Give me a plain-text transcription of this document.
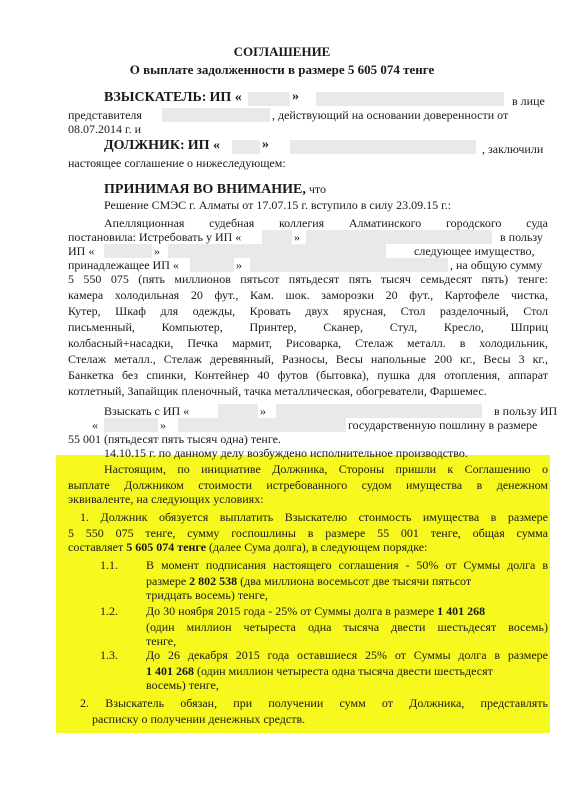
СОГЛАШЕНИЕ
О выплате задолженности в размере 5 605 074 тенге
ВЗЫСКАТЕЛЬ: ИП «	»	в лице
представителя	, действующий на основании доверенности от
08.07.2014 г. и
ДОЛЖНИК: ИП «	»	, заключили
настоящее соглашение о нижеследующем:
ПРИНИМАЯ ВО ВНИМАНИЕ, что
Решение СМЭС г. Алматы от 17.07.15 г. вступило в силу 23.09.15 г.:
Апелляционная судебная коллегия Алматинского городского суда
постановила: Истребовать у ИП «	»	в пользу
ИП «	»	следующее имущество,
принадлежащее ИП «	»	, на общую сумму
5 550 075 (пять миллионов пятьсот пятьдесят пять тысяч семьдесят пять) тенге:
камера холодильная 20 фут., Кам. шок. заморозки 20 фут., Картофеле чистка,
Кутер, Шкаф для одежды, Кровать двух ярусная, Стол разделочный, Стол
письменный, Компьютер, Принтер, Сканер, Стул, Кресло, Шприц
колбасный+насадки, Печка мармит, Рисоварка, Стелаж металл. в холодильник,
Стелаж металл., Стелаж деревянный, Разносы, Весы напольные 200 кг., Весы 3 кг.,
Банкетка без спинки, Контейнер 40 футов (бытовка), пушка для отопления, аппарат
котлетный, Запайщик пленочный, тачка металлическая, обогреватели, Фаршемес.
Взыскать с ИП «	»	в пользу ИП
«	»	государственную пошлину в размере
55 001 (пятьдесят пять тысяч одна) тенге.
14.10.15 г. по данному делу возбуждено исполнительное производство.
Настоящим, по инициативе Должника, Стороны пришли к Соглашению о
выплате Должником стоимости истребованного судом имущества в денежном
эквиваленте, на следующих условиях:
1. Должник обязуется выплатить Взыскателю стоимость имущества в размере
5 550 075 тенге, сумму госпошлины в размере 55 001 тенге, общая сумма
составляет 5 605 074 тенге (далее Сума долга), в следующем порядке:
1.1. В момент подписания настоящего соглашения - 50% от Суммы долга в
размере 2 802 538 (два миллиона восемьсот две тысячи пятьсот
тридцать восемь) тенге,
1.2. До 30 ноября 2015 года - 25% от Суммы долга в размере 1 401 268
(один миллион четыреста одна тысяча двести шестьдесят восемь)
тенге,
1.3. До 26 декабря 2015 года оставшиеся 25% от Суммы долга в размере
1 401 268 (один миллион четыреста одна тысяча двести шестьдесят
восемь) тенге,
2. Взыскатель обязан, при получении сумм от Должника, представлять
расписку о получении денежных средств.
